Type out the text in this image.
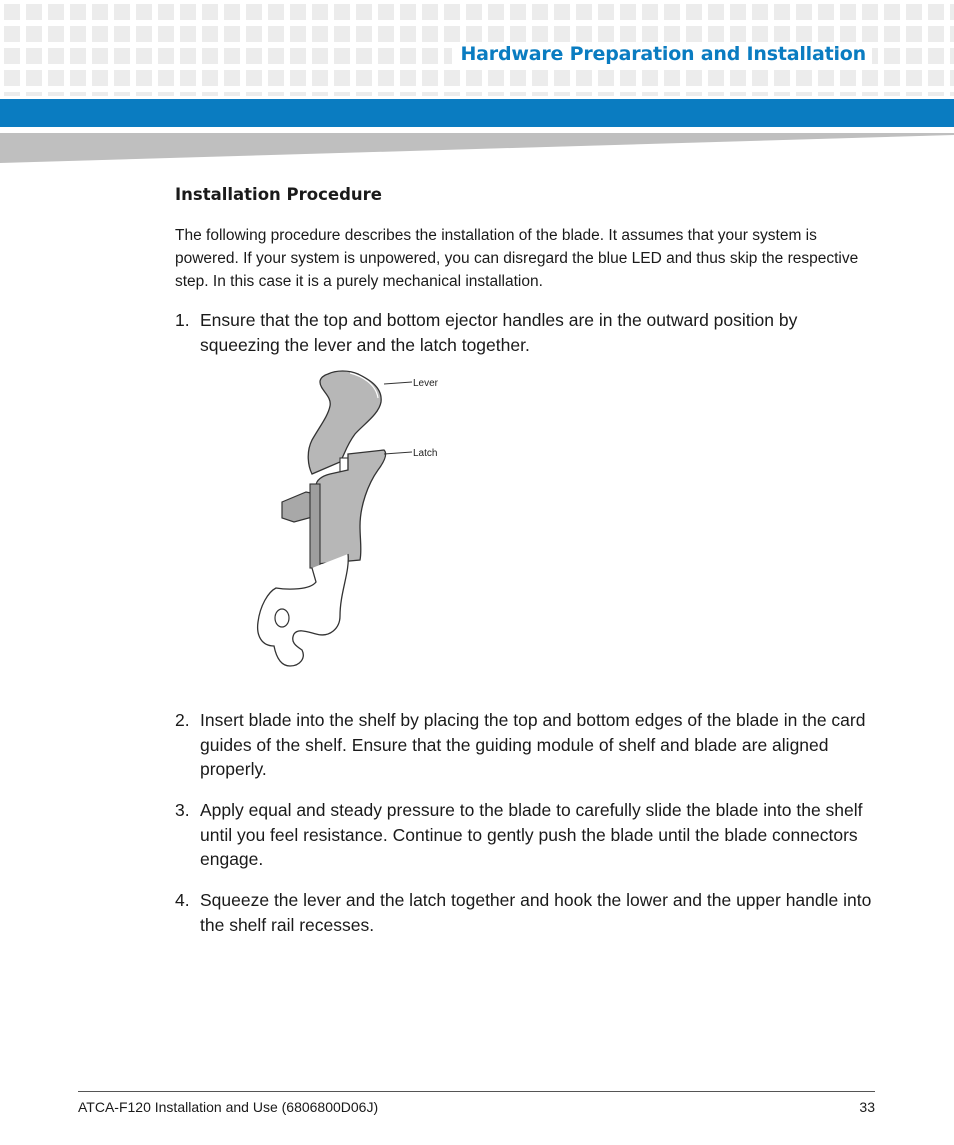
Hardware Preparation and Installation
Installation Procedure

The following procedure describes the installation of the blade. It assumes that your system is powered. If your system is unpowered, you can disregard the blue LED and thus skip the respective step. In this case it is a purely mechanical installation.

1. Ensure that the top and bottom ejector handles are in the outward position by squeezing the lever and the latch together.
Lever
Latch
2. Insert blade into the shelf by placing the top and bottom edges of the blade in the card guides of the shelf. Ensure that the guiding module of shelf and blade are aligned properly.
3. Apply equal and steady pressure to the blade to carefully slide the blade into the shelf until you feel resistance. Continue to gently push the blade until the blade connectors engage.
4. Squeeze the lever and the latch together and hook the lower and the upper handle into the shelf rail recesses.
ATCA-F120 Installation and Use (6806800D06J)	33
